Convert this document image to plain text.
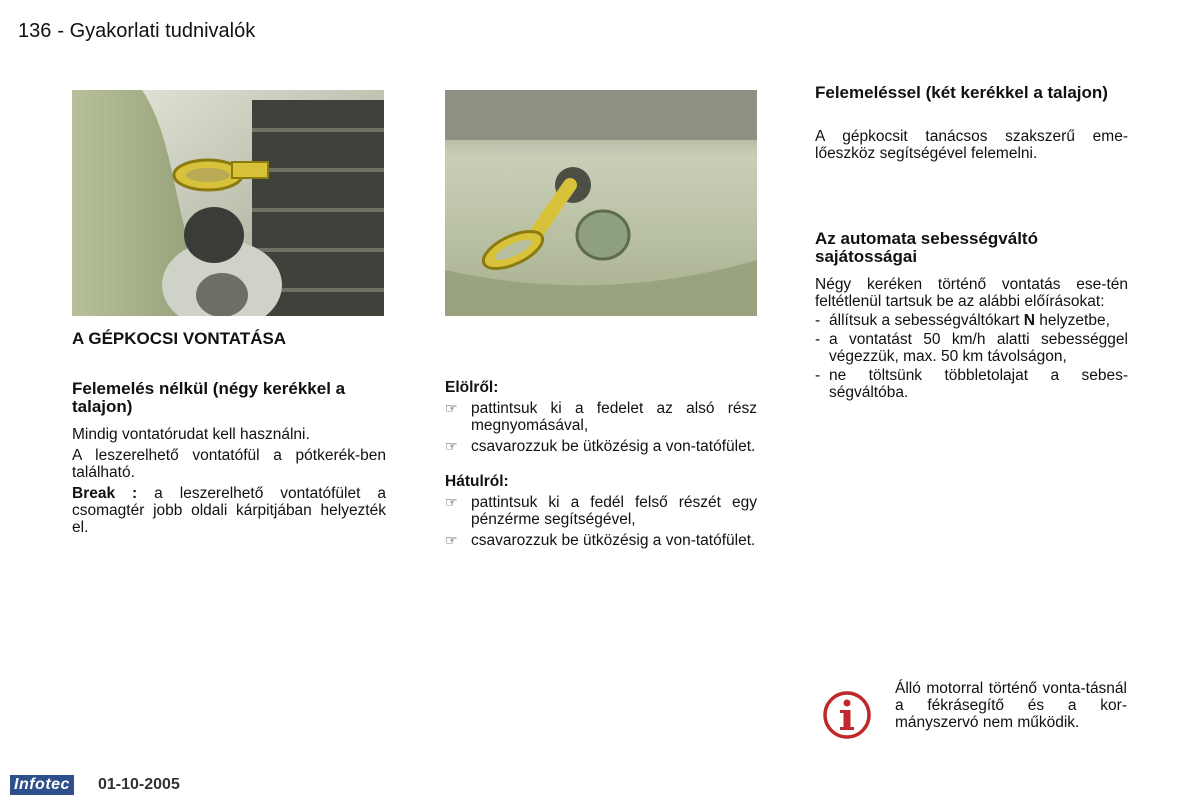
136 - Gyakorlati tudnivalók
A GÉPKOCSI VONTATÁSA
Felemelés nélkül (négy kerékkel a talajon)
Mindig vontatórudat kell használni.
A leszerelhető vontatófül a pótkerék-ben található.
Break : a leszerelhető vontatófület a csomagtér jobb oldali kárpitjában helyezték el.
Elölről:
☞ pattintsuk ki a fedelet az alsó rész megnyomásával,
☞ csavarozzuk be ütközésig a von-tatófület.
Hátulról:
☞ pattintsuk ki a fedél felső részét egy pénzérme segítségével,
☞ csavarozzuk be ütközésig a von-tatófület.
Felemeléssel (két kerékkel a talajon)
A gépkocsit tanácsos szakszerű eme-lőeszköz segítségével felemelni.
Az automata sebességváltó sajátosságai
Négy keréken történő vontatás ese-tén feltétlenül tartsuk be az alábbi előírásokat:
- állítsuk a sebességváltókart N helyzetbe,
- a vontatást 50 km/h alatti sebességgel végezzük, max. 50 km távolságon,
- ne töltsünk többletolajat a sebes-ségváltóba.
Álló motorral történő vonta-tásnál a fékrásegítő és a kor-mányszervó nem működik.
Infotec 01-10-2005
